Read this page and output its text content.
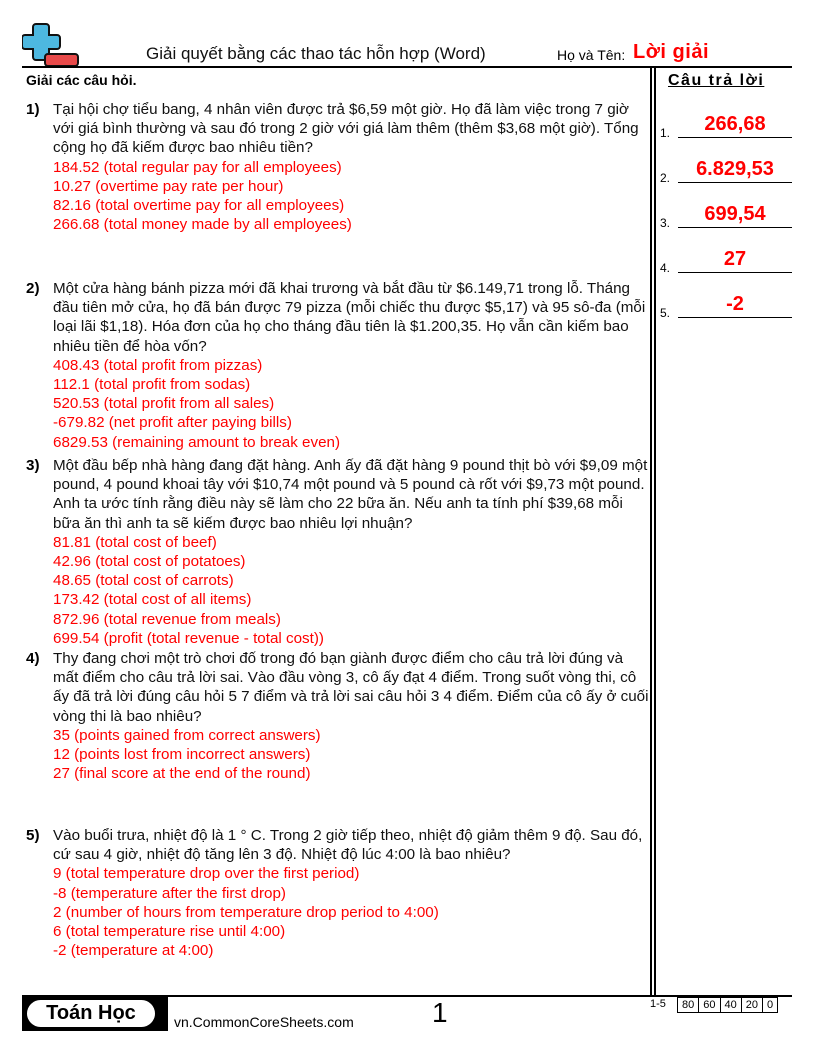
Giải quyết bằng các thao tác hỗn hợp (Word)	Họ và Tên: Lời giải
Giải các câu hỏi.	Câu trả lời
1) Tại hội chợ tiểu bang, 4 nhân viên được trả $6,59 một giờ. Họ đã làm việc trong 7 giờ với giá bình thường và sau đó trong 2 giờ với giá làm thêm (thêm $3,68 một giờ). Tổng cộng họ đã kiếm được bao nhiêu tiền?
184.52 (total regular pay for all employees)
10.27 (overtime pay rate per hour)
82.16 (total overtime pay for all employees)
266.68 (total money made by all employees)
2) Một cửa hàng bánh pizza mới đã khai trương và bắt đầu từ $6.149,71 trong lỗ. Tháng đầu tiên mở cửa, họ đã bán được 79 pizza (mỗi chiếc thu được $5,17) và 95 sô-đa (mỗi loại lãi $1,18). Hóa đơn của họ cho tháng đầu tiên là $1.200,35. Họ vẫn cần kiếm bao nhiêu tiền để hòa vốn?
408.43 (total profit from pizzas)
112.1 (total profit from sodas)
520.53 (total profit from all sales)
-679.82 (net profit after paying bills)
6829.53 (remaining amount to break even)
3) Một đầu bếp nhà hàng đang đặt hàng. Anh ấy đã đặt hàng 9 pound thịt bò với $9,09 một pound, 4 pound khoai tây với $10,74 một pound và 5 pound cà rốt với $9,73 một pound. Anh ta ước tính rằng điều này sẽ làm cho 22 bữa ăn. Nếu anh ta tính phí $39,68 mỗi bữa ăn thì anh ta sẽ kiếm được bao nhiêu lợi nhuận?
81.81 (total cost of beef)
42.96 (total cost of potatoes)
48.65 (total cost of carrots)
173.42 (total cost of all items)
872.96 (total revenue from meals)
699.54 (profit (total revenue - total cost))
4) Thy đang chơi một trò chơi đố trong đó bạn giành được điểm cho câu trả lời đúng và mất điểm cho câu trả lời sai. Vào đầu vòng 3, cô ấy đạt 4 điểm. Trong suốt vòng thi, cô ấy đã trả lời đúng câu hỏi 5 7 điểm và trả lời sai câu hỏi 3 4 điểm. Điểm của cô ấy ở cuối vòng thi là bao nhiêu?
35 (points gained from correct answers)
12 (points lost from incorrect answers)
27 (final score at the end of the round)
5) Vào buổi trưa, nhiệt độ là 1 ° C. Trong 2 giờ tiếp theo, nhiệt độ giảm thêm 9 độ. Sau đó, cứ sau 4 giờ, nhiệt độ tăng lên 3 độ. Nhiệt độ lúc 4:00 là bao nhiêu?
9 (total temperature drop over the first period)
-8 (temperature after the first drop)
2 (number of hours from temperature drop period to 4:00)
6 (total temperature rise until 4:00)
-2 (temperature at 4:00)
1.	266,68
2.	6.829,53
3.	699,54
4.	27
5.	-2
Toán Học	vn.CommonCoreSheets.com	1	1-5 80	60	40	20	0
